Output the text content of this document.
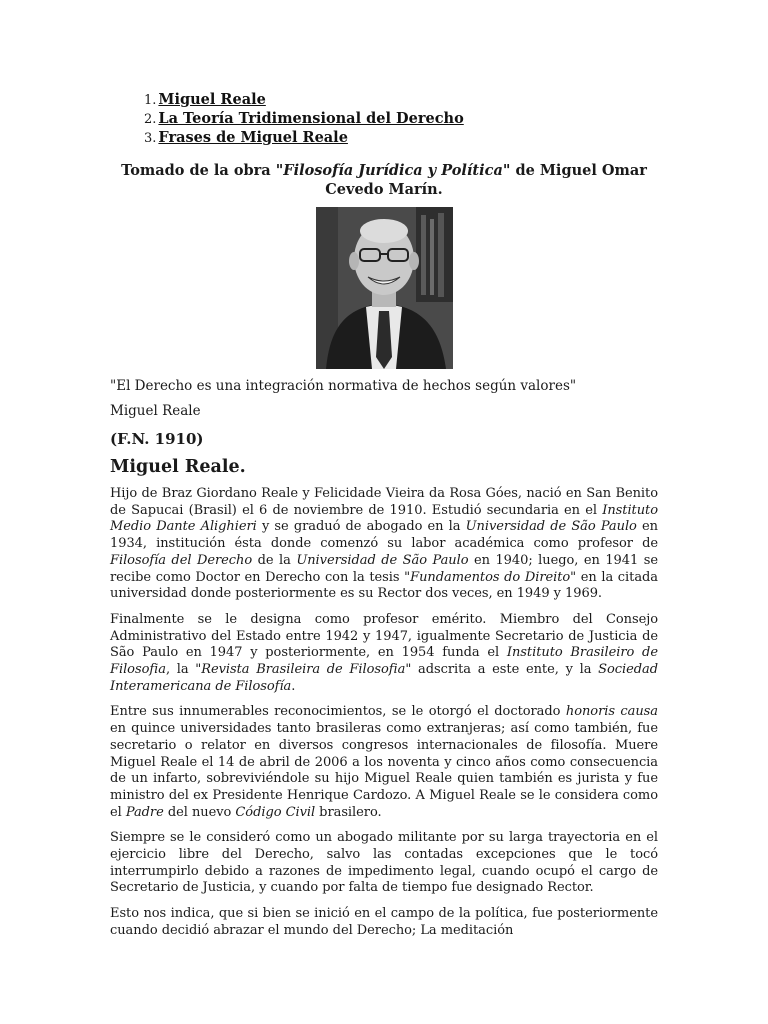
1. Miguel Reale
2. La Teoría Tridimensional del Derecho
3. Frases de Miguel Reale
Tomado de la obra "Filosofía Jurídica y Política" de Miguel Omar Cevedo Marín.
"El Derecho es una integración normativa de hechos según valores"
Miguel Reale
(F.N. 1910)
Miguel Reale.

Hijo de Braz Giordano Reale y Felicidade Vieira da Rosa Góes, nació en San Benito de Sapucai (Brasil) el 6 de noviembre de 1910. Estudió secundaria en el Instituto Medio Dante Alighieri y se graduó de abogado en la Universidad de São Paulo en 1934, institución ésta donde comenzó su labor académica como profesor de Filosofía del Derecho de la Universidad de São Paulo en 1940; luego, en 1941 se recibe como Doctor en Derecho con la tesis "Fundamentos do Direito" en la citada universidad donde posteriormente es su Rector dos veces, en 1949 y 1969.

Finalmente se le designa como profesor emérito. Miembro del Consejo Administrativo del Estado entre 1942 y 1947, igualmente Secretario de Justicia de São Paulo en 1947 y posteriormente, en 1954 funda el Instituto Brasileiro de Filosofia, la "Revista Brasileira de Filosofia" adscrita a este ente, y la Sociedad Interamericana de Filosofía.

Entre sus innumerables reconocimientos, se le otorgó el doctorado honoris causa en quince universidades tanto brasileras como extranjeras; así como también, fue secretario o relator en diversos congresos internacionales de filosofía. Muere Miguel Reale el 14 de abril de 2006 a los noventa y cinco años como consecuencia de un infarto, sobreviviéndole su hijo Miguel Reale quien también es jurista y fue ministro del ex Presidente Henrique Cardozo. A Miguel Reale se le considera como el Padre del nuevo Código Civil brasilero.

Siempre se le consideró como un abogado militante por su larga trayectoria en el ejercicio libre del Derecho, salvo las contadas excepciones que le tocó interrumpirlo debido a razones de impedimento legal, cuando ocupó el cargo de Secretario de Justicia, y cuando por falta de tiempo fue designado Rector.

Esto nos indica, que si bien se inició en el campo de la política, fue posteriormente cuando decidió abrazar el mundo del Derecho; La meditación
